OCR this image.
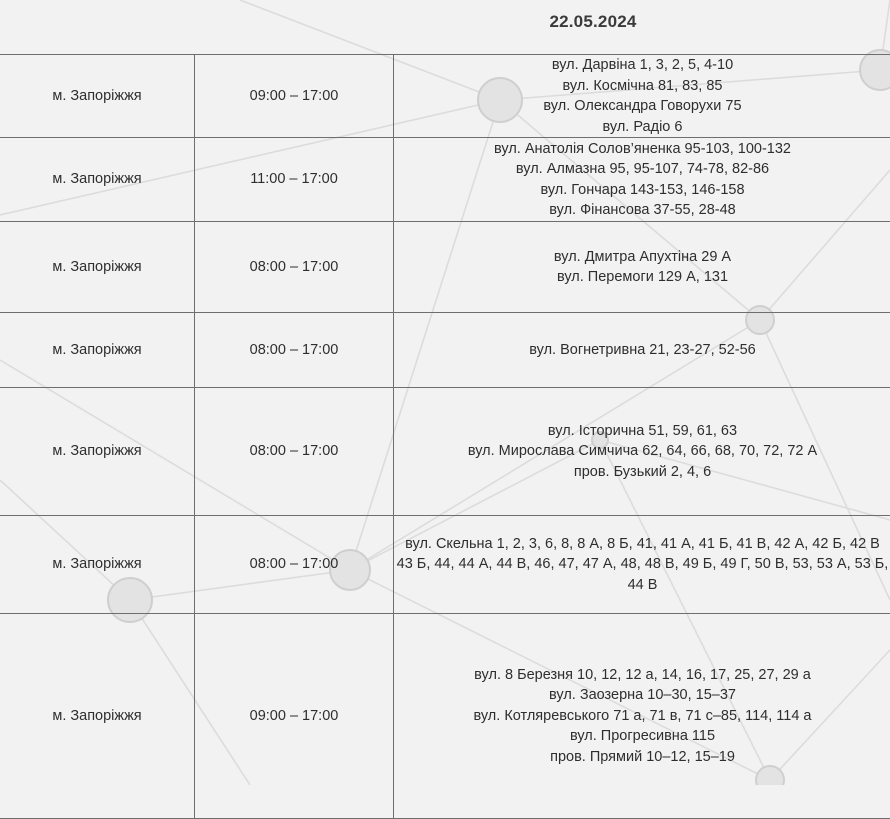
22.05.2024
м. Запоріжжя	09:00 – 17:00	вул. Дарвіна 1, 3, 2, 5, 4-10
вул. Космічна 81, 83, 85
вул. Олександра Говорухи 75
вул. Радіо 6

м. Запоріжжя	11:00 – 17:00	вул. Анатолія Солов’яненка 95-103, 100-132
вул. Алмазна 95, 95-107, 74-78, 82-86
вул. Гончара 143-153, 146-158
вул. Фінансова 37-55, 28-48

м. Запоріжжя	08:00 – 17:00	вул. Дмитра Апухтіна 29 А
вул. Перемоги 129 А, 131

м. Запоріжжя	08:00 – 17:00	вул. Вогнетривна 21, 23-27, 52-56

м. Запоріжжя	08:00 – 17:00	вул. Історична 51, 59, 61, 63
вул. Мирослава Симчича 62, 64, 66, 68, 70, 72, 72 А
пров. Бузький 2, 4, 6

м. Запоріжжя	08:00 – 17:00	вул. Скельна 1, 2, 3, 6, 8, 8 А, 8 Б, 41, 41 А, 41 Б, 41 В, 42 А, 42 Б, 42 В 43 Б, 44, 44 А, 44 В, 46, 47, 47 А, 48, 48 В, 49 Б, 49 Г, 50 В, 53, 53 А, 53 Б, 44 В

м. Запоріжжя	09:00 – 17:00	вул. 8 Березня 10, 12, 12 а, 14, 16, 17, 25, 27, 29 а
вул. Заозерна 10–30, 15–37
вул. Котляревського 71 а, 71 в, 71 с–85, 114, 114 а
вул. Прогресивна 115
пров. Прямий 10–12, 15–19
